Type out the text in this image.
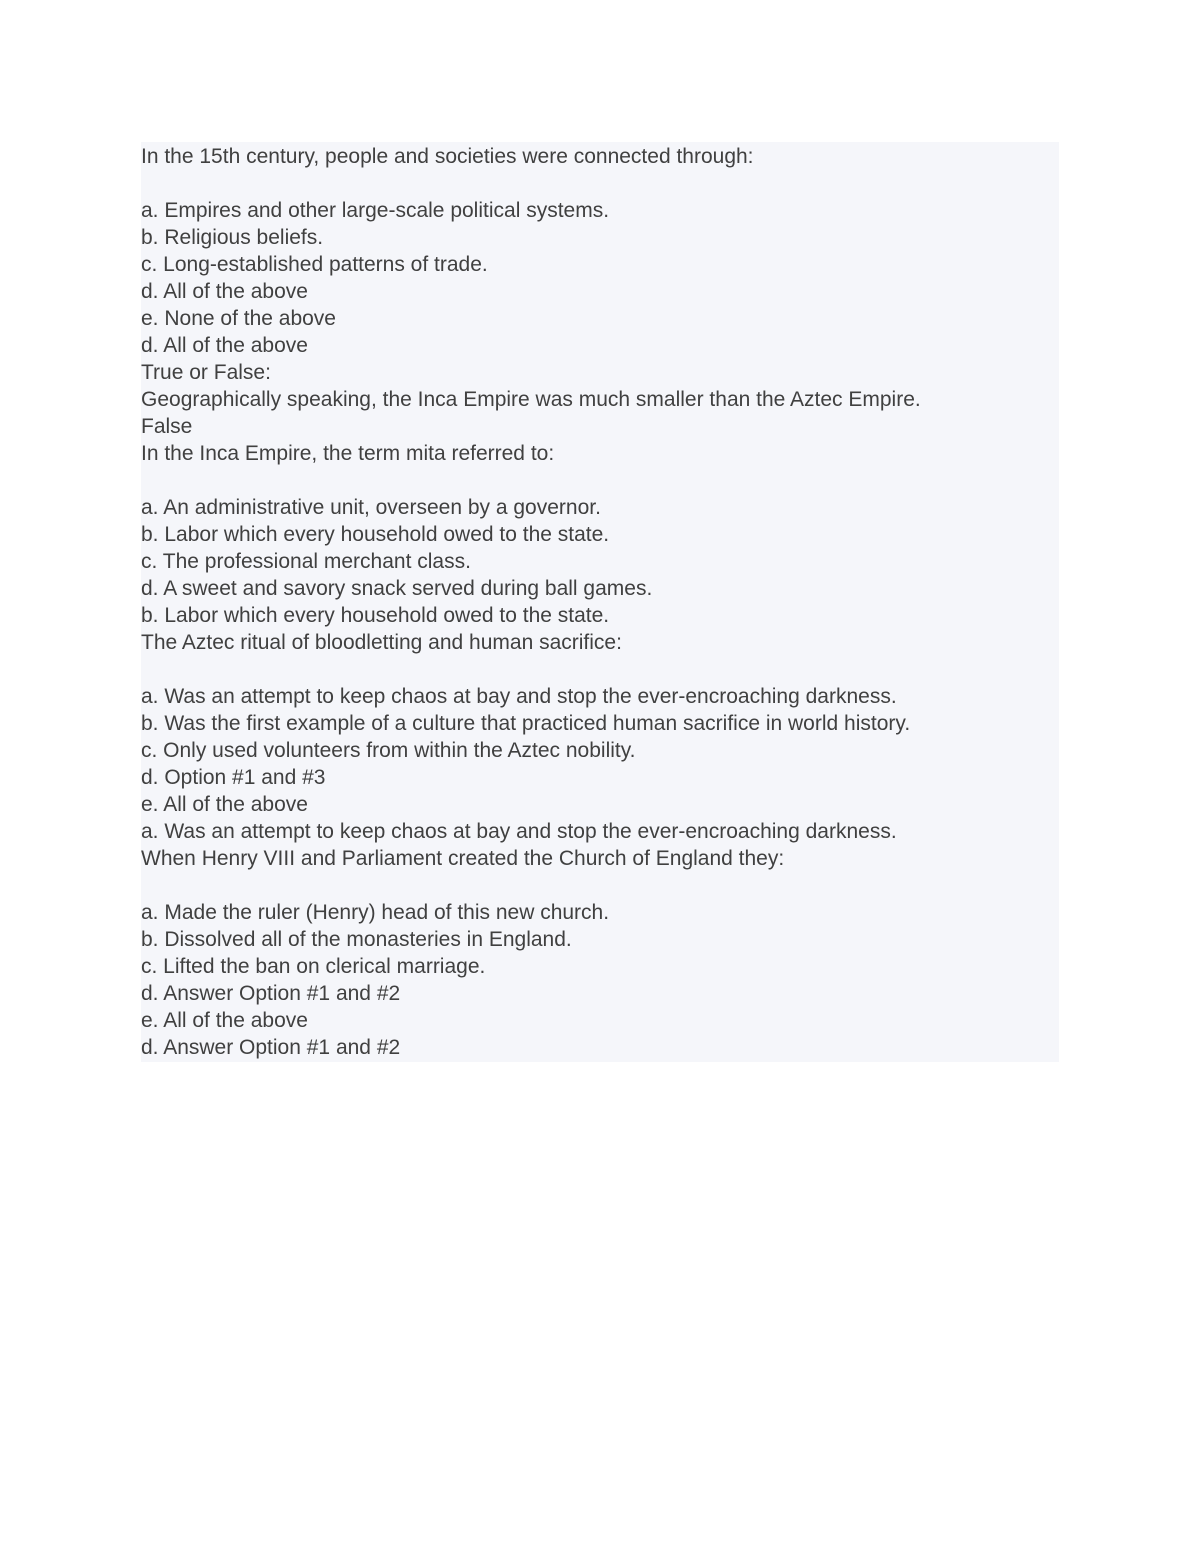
In the 15th century, people and societies were connected through:
a. Empires and other large-scale political systems.
b. Religious beliefs.
c. Long-established patterns of trade.
d. All of the above
e. None of the above
d. All of the above
True or False:
Geographically speaking, the Inca Empire was much smaller than the Aztec Empire.
False
In the Inca Empire, the term mita referred to:
a. An administrative unit, overseen by a governor.
b. Labor which every household owed to the state.
c. The professional merchant class.
d. A sweet and savory snack served during ball games.
b. Labor which every household owed to the state.
The Aztec ritual of bloodletting and human sacrifice:
a. Was an attempt to keep chaos at bay and stop the ever-encroaching darkness.
b. Was the first example of a culture that practiced human sacrifice in world history.
c. Only used volunteers from within the Aztec nobility.
d. Option #1 and #3
e. All of the above
a. Was an attempt to keep chaos at bay and stop the ever-encroaching darkness.
When Henry VIII and Parliament created the Church of England they:
a. Made the ruler (Henry) head of this new church.
b. Dissolved all of the monasteries in England.
c. Lifted the ban on clerical marriage.
d. Answer Option #1 and #2
e. All of the above
d. Answer Option #1 and #2
